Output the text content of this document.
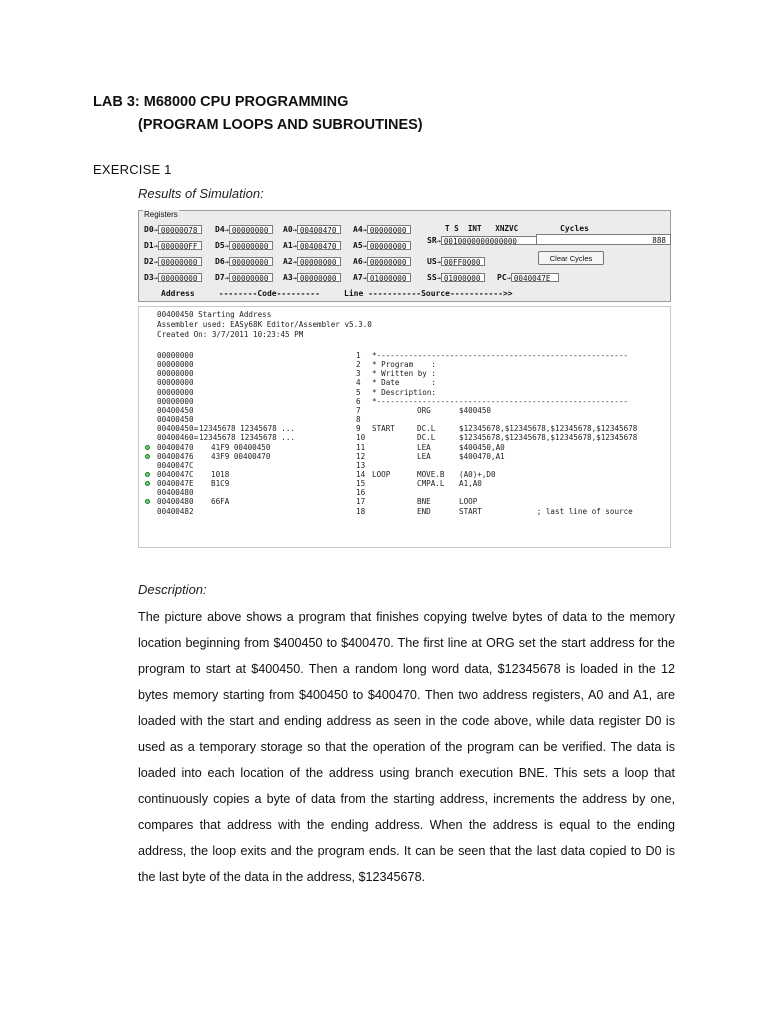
LAB 3: M68000 CPU PROGRAMMING
(PROGRAM LOOPS AND SUBROUTINES)
EXERCISE 1
Results of Simulation:
Registers
D0 → 00000078	D4 → 00000000	A0 → 00400470	A4 → 00000000	T S  INT   XNZVC	Cycles
D1 → 000000FF	D5 → 00000000	A1 → 00400470	A5 → 00000000
SR → 0010000000000000	888
D2 → 00000000	D6 → 00000000	A2 → 00000000	A6 → 00000000	US → 00FF0000	Clear Cycles
D3 → 00000000	D7 → 00000000	A3 → 00000000	A7 → 01000000	SS → 01000000	PC → 0040047E
Address     --------Code---------     Line -----------Source----------->>
00400450 Starting Address
Assembler used: EASy68K Editor/Assembler v5.3.0
Created On: 3/7/2011 10:23:45 PM
00000000	1 *-------------------------------------------------------
00000000	2 * Program    :
00000000	3 * Written by :
00000000	4 * Date       :
00000000	5 * Description:
00000000	6 *-------------------------------------------------------
00400450	7	ORG	$400450
00400450	8
00400450= 12345678 12345678 ...	9 START	DC.L	$12345678,$12345678,$12345678,$12345678
00400460= 12345678 12345678 ...	10	DC.L	$12345678,$12345678,$12345678,$12345678
00400470 41F9 00400450	11	LEA	$400450,A0
00400476 43F9 00400470	12	LEA	$400470,A1
0040047C	13
0040047C 1018	14 LOOP	MOVE.B (A0)+,D0
0040047E B1C9	15	CMPA.L A1,A0
00400480	16
00400480 66FA	17	BNE	LOOP
00400482	18	END	START            ; last line of source
Description:
The picture above shows a program that finishes copying twelve bytes of data to the memory location beginning from $400450 to $400470. The first line at ORG set the start address for the program to start at $400450. Then a random long word data, $12345678 is loaded in the 12 bytes memory starting from $400450 to $400470. Then two address registers, A0 and A1, are loaded with the start and ending address as seen in the code above, while data register D0 is used as a temporary storage so that the operation of the program can be verified. The data is loaded into each location of the address using branch execution BNE. This sets a loop that continuously copies a byte of data from the starting address, increments the address by one, compares that address with the ending address. When the address is equal to the ending address, the loop exits and the program ends. It can be seen that the last data copied to D0 is the last byte of the data in the address, $12345678.
